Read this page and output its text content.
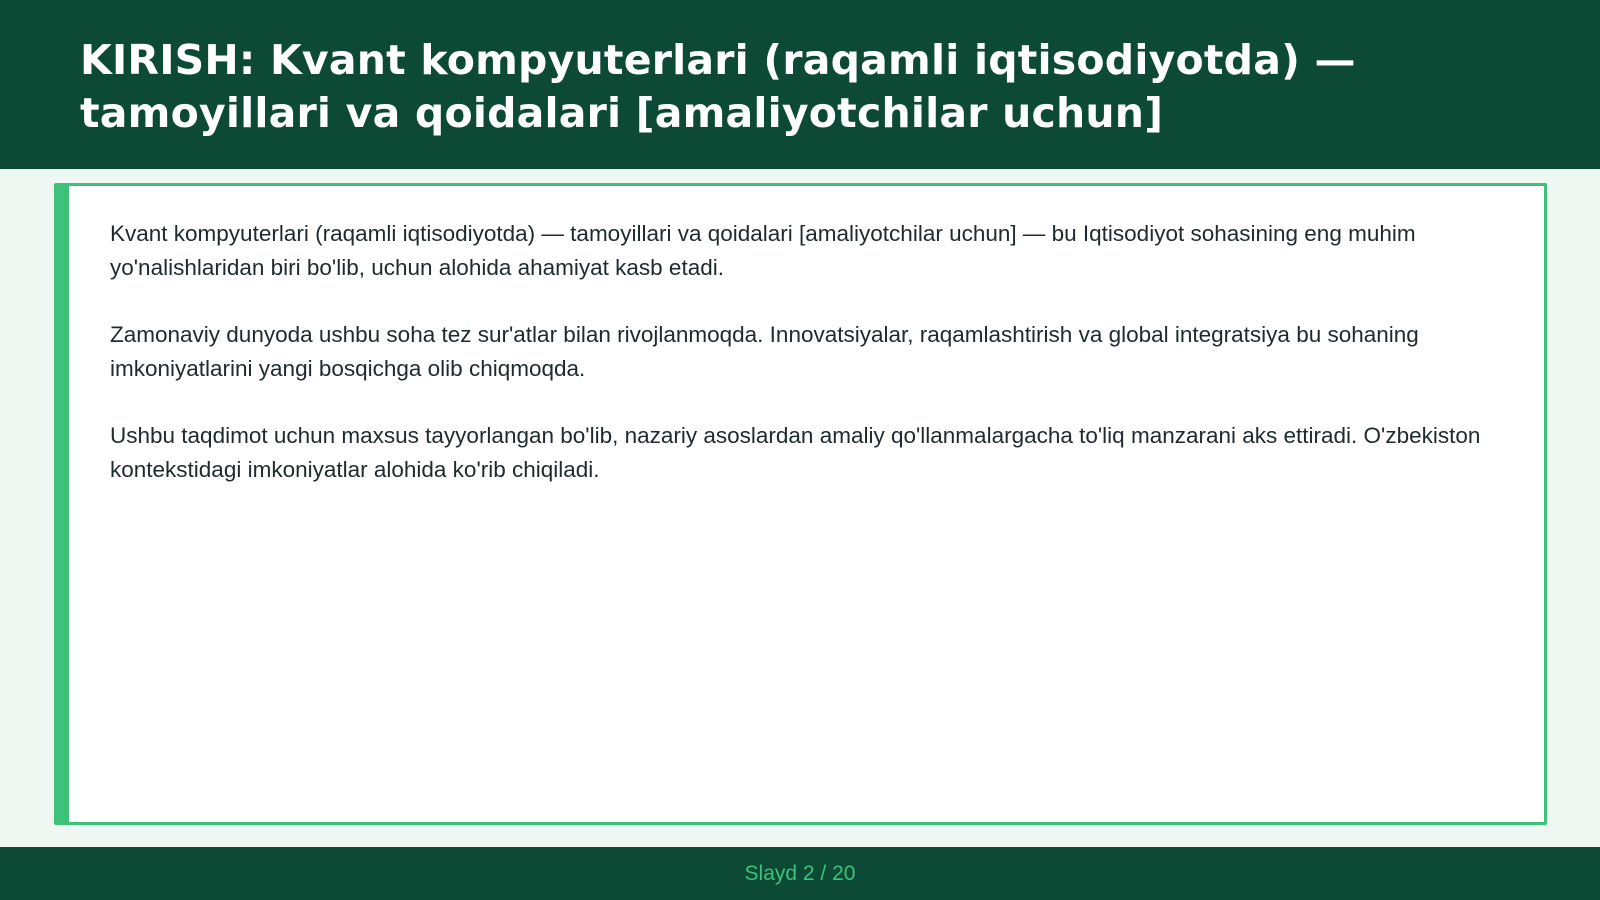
KIRISH: Kvant kompyuterlari (raqamli iqtisodiyotda) —
tamoyillari va qoidalari [amaliyotchilar uchun]

Kvant kompyuterlari (raqamli iqtisodiyotda) — tamoyillari va qoidalari [amaliyotchilar uchun] — bu Iqtisodiyot sohasining eng muhim yo'nalishlaridan biri bo'lib, uchun alohida ahamiyat kasb etadi.

Zamonaviy dunyoda ushbu soha tez sur'atlar bilan rivojlanmoqda. Innovatsiyalar, raqamlashtirish va global integratsiya bu sohaning imkoniyatlarini yangi bosqichga olib chiqmoqda.

Ushbu taqdimot uchun maxsus tayyorlangan bo'lib, nazariy asoslardan amaliy qo'llanmalargacha to'liq manzarani aks ettiradi. O'zbekiston kontekstidagi imkoniyatlar alohida ko'rib chiqiladi.

Slayd 2 / 20
